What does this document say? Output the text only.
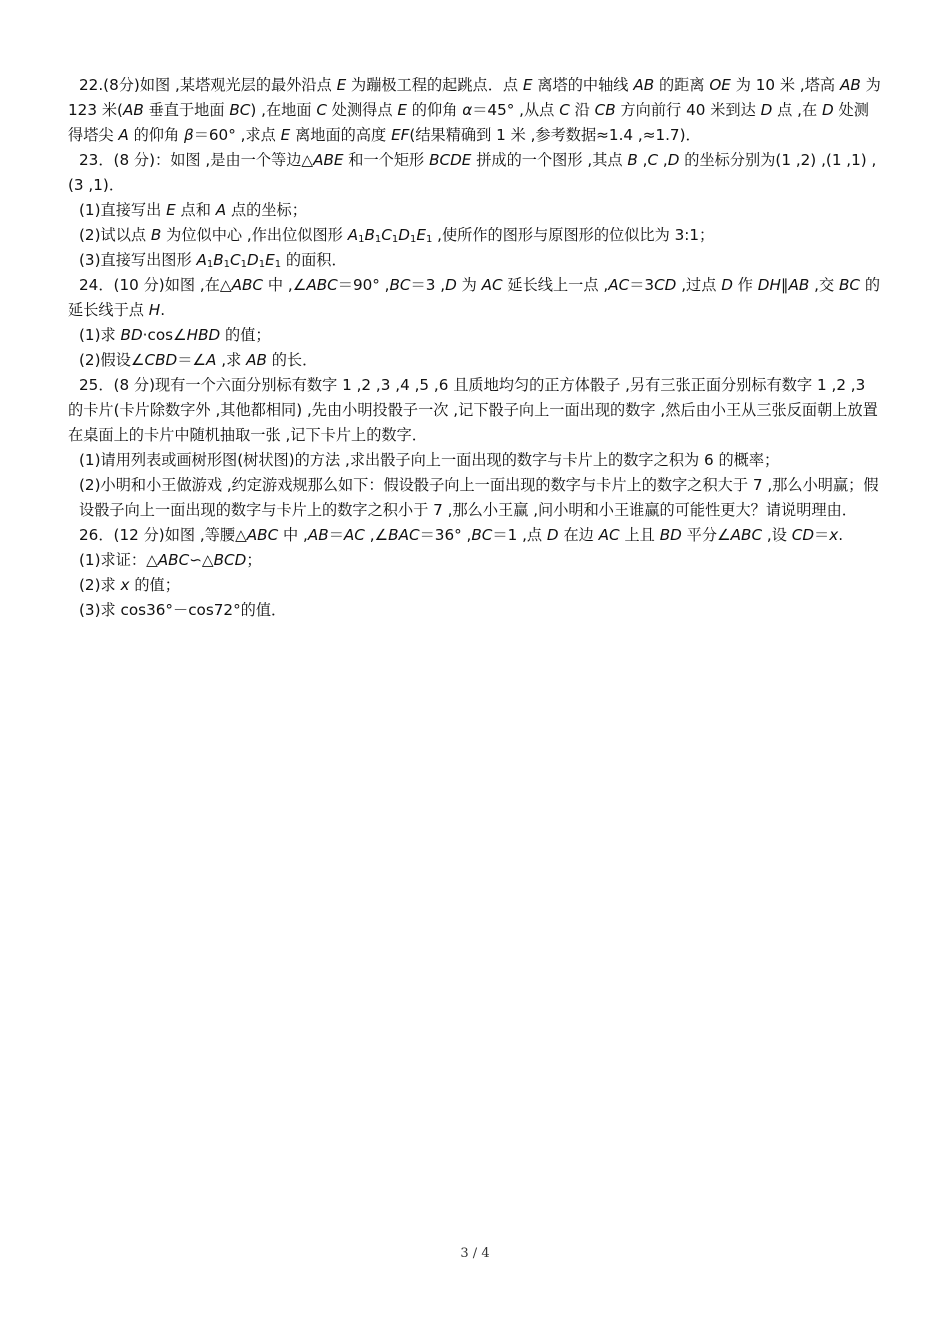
22.(8分)如图 ,某塔观光层的最外沿点 E 为蹦极工程的起跳点．点 E 离塔的中轴线 AB 的距离 OE 为 10 米 ,塔高 AB 为 123 米(AB 垂直于地面 BC) ,在地面 C 处测得点 E 的仰角 α＝45° ,从点 C 沿 CB 方向前行 40 米到达 D 点 ,在 D 处测得塔尖 A 的仰角 β＝60° ,求点 E 离地面的高度 EF(结果精确到 1 米 ,参考数据≈1.4 ,≈1.7)．

23．(8 分)：如图 ,是由一个等边△ABE 和一个矩形 BCDE 拼成的一个图形 ,其点 B ,C ,D 的坐标分别为(1 ,2) ,(1 ,1) ,(3 ,1)．

(1)直接写出 E 点和 A 点的坐标；

(2)试以点 B 为位似中心 ,作出位似图形 $A_1B_1C_1D_1E_1$ ,使所作的图形与原图形的位似比为 3:1；

(3)直接写出图形 $A_1B_1C_1D_1E_1$ 的面积．

24．(10 分)如图 ,在△ABC 中 ,∠ABC＝90° ,BC＝3 ,D 为 AC 延长线上一点 ,AC＝3CD ,过点 D 作 DH∥AB ,交 BC 的延长线于点 H.

(1)求 BD·cos∠HBD 的值；

(2)假设∠CBD＝∠A ,求 AB 的长．

25．(8 分)现有一个六面分别标有数字 1 ,2 ,3 ,4 ,5 ,6 且质地均匀的正方体骰子 ,另有三张正面分别标有数字 1 ,2 ,3 的卡片(卡片除数字外 ,其他都相同) ,先由小明投骰子一次 ,记下骰子向上一面出现的数字 ,然后由小王从三张反面朝上放置在桌面上的卡片中随机抽取一张 ,记下卡片上的数字．

(1)请用列表或画树形图(树状图)的方法 ,求出骰子向上一面出现的数字与卡片上的数字之积为 6 的概率；

(2)小明和小王做游戏 ,约定游戏规那么如下：假设骰子向上一面出现的数字与卡片上的数字之积大于 7 ,那么小明赢；假设骰子向上一面出现的数字与卡片上的数字之积小于 7 ,那么小王赢 ,问小明和小王谁赢的可能性更大？请说明理由．

26．(12 分)如图 ,等腰△ABC 中 ,AB＝AC ,∠BAC＝36° ,BC＝1 ,点 D 在边 AC 上且 BD 平分∠ABC ,设 CD＝x.

(1)求证：△ABC∽△BCD；

(2)求 x 的值；

(3)求 cos36°－cos72°的值．

3 / 4
